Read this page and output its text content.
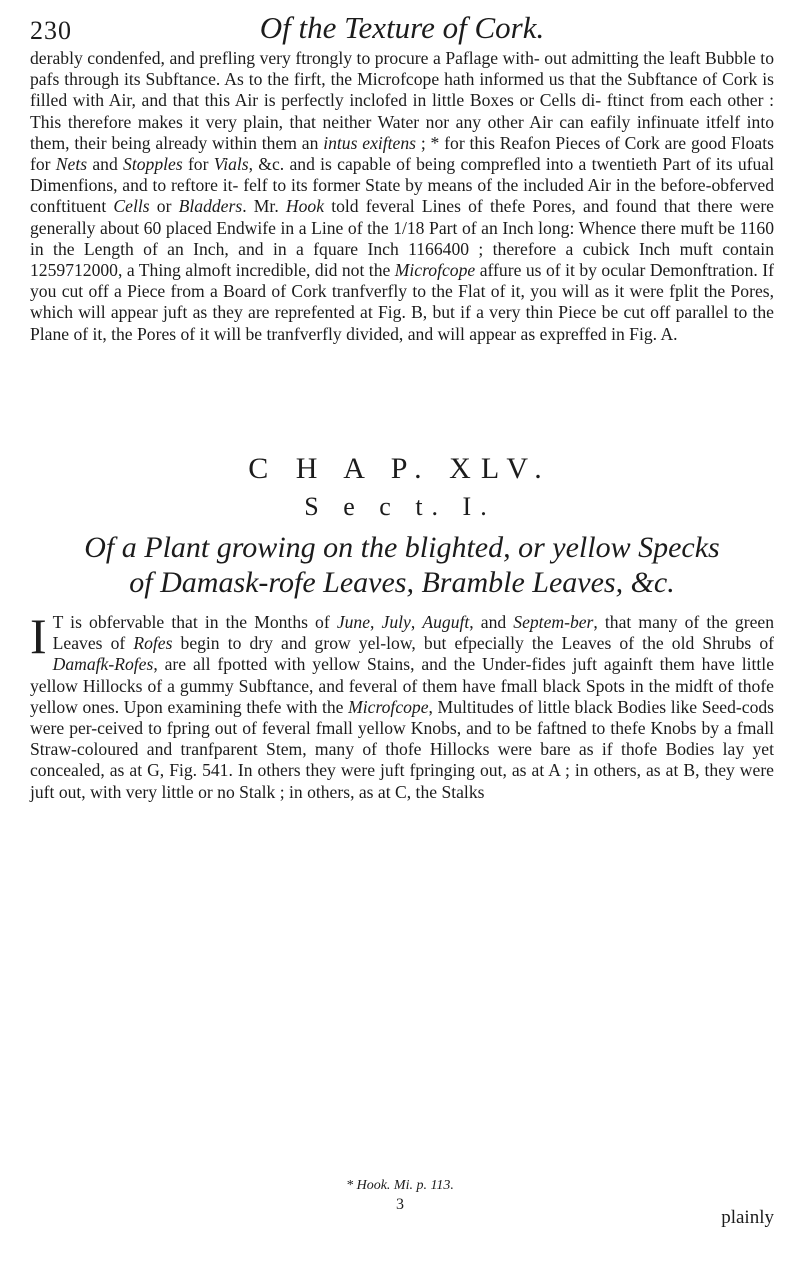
230	Of the Texture of Cork.

derably condenfed, and prefling very ftrongly to procure a Paflage with- out admitting the leaft Bubble to pafs through its Subftance. As to the firft, the Microfcope hath informed us that the Subftance of Cork is filled with Air, and that this Air is perfectly inclofed in little Boxes or Cells di- ftinct from each other : This therefore makes it very plain, that neither Water nor any other Air can eafily infinuate itfelf into them, their being already within them an intus exiftens ; * for this Reafon Pieces of Cork are good Floats for Nets and Stopples for Vials, &c. and is capable of being comprefled into a twentieth Part of its ufual Dimenfions, and to reftore it- felf to its former State by means of the included Air in the before-obferved conftituent Cells or Bladders. Mr. Hook told feveral Lines of thefe Pores, and found that there were generally about 60 placed Endwife in a Line of the 1/18 Part of an Inch long: Whence there muft be 1160 in the Length of an Inch, and in a fquare Inch 1166400 ; therefore a cubick Inch muft contain 1259712000, a Thing almoft incredible, did not the Microfcope affure us of it by ocular Demonftration. If you cut off a Piece from a Board of Cork tranfverfly to the Flat of it, you will as it were fplit the Pores, which will appear juft as they are reprefented at Fig. B, but if a very thin Piece be cut off parallel to the Plane of it, the Pores of it will be tranfverfly divided, and will appear as expreffed in Fig. A.

C H A P. XLV.
S e c t. I.
Of a Plant growing on the blighted, or yellow Specks
of Damask-rofe Leaves, Bramble Leaves, &c.

I T is obfervable that in the Months of June, July, Auguft, and Septem-ber, that many of the green Leaves of Rofes begin to dry and grow yel-low, but efpecially the Leaves of the old Shrubs of Damafk-Rofes, are all fpotted with yellow Stains, and the Under-fides juft againft them have little yellow Hillocks of a gummy Subftance, and feveral of them have fmall black Spots in the midft of thofe yellow ones. Upon examining thefe with the Microfcope, Multitudes of little black Bodies like Seed-cods were per-ceived to fpring out of feveral fmall yellow Knobs, and to be faftned to thefe Knobs by a fmall Straw-coloured and tranfparent Stem, many of thofe Hillocks were bare as if thofe Bodies lay yet concealed, as at G, Fig. 541. In others they were juft fpringing out, as at A ; in others, as at B, they were juft out, with very little or no Stalk ; in others, as at C, the Stalks

* Hook. Mi. p. 113.
3
plainly
